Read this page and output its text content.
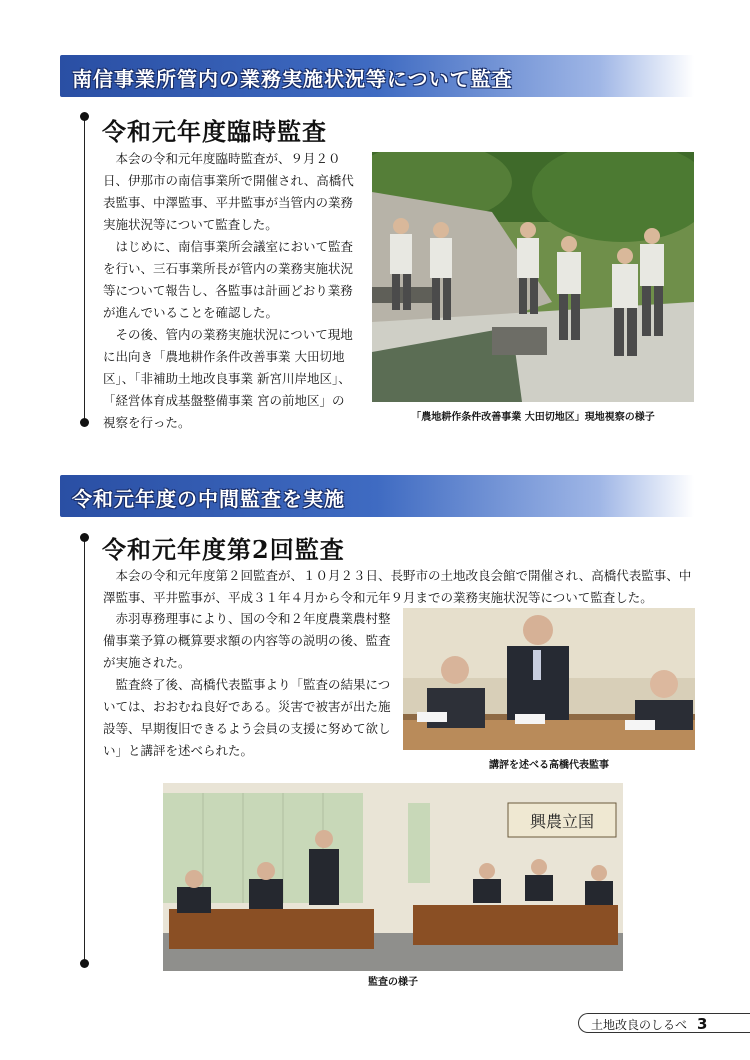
南信事業所管内の業務実施状況等について監査
令和元年度臨時監査

本会の令和元年度臨時監査が、９月２０日、伊那市の南信事業所で開催され、高橋代表監事、中澤監事、平井監事が当管内の業務実施状況等について監査した。

はじめに、南信事業所会議室において監査を行い、三石事業所長が管内の業務実施状況等について報告し、各監事は計画どおり業務が進んでいることを確認した。

その後、管内の業務実施状況について現地に出向き「農地耕作条件改善事業 大田切地区」、「非補助土地改良事業 新宮川岸地区」、「経営体育成基盤整備事業 宮の前地区」の視察を行った。	「農地耕作条件改善事業 大田切地区」現地視察の様子
令和元年度の中間監査を実施
令和元年度第2回監査

本会の令和元年度第２回監査が、１０月２３日、長野市の土地改良会館で開催され、高橋代表監事、中澤監事、平井監事が、平成３１年４月から令和元年９月までの業務実施状況等について監査した。

赤羽専務理事により、国の令和２年度農業農村整備事業予算の概算要求額の内容等の説明の後、監査が実施された。

監査終了後、高橋代表監事より「監査の結果については、おおむね良好である。災害で被害が出た施設等、早期復旧できるよう会員の支援に努めて欲しい」と講評を述べられた。

講評を述べる高橋代表監事
興農立国
監査の様子
土地改良のしるべ 3
